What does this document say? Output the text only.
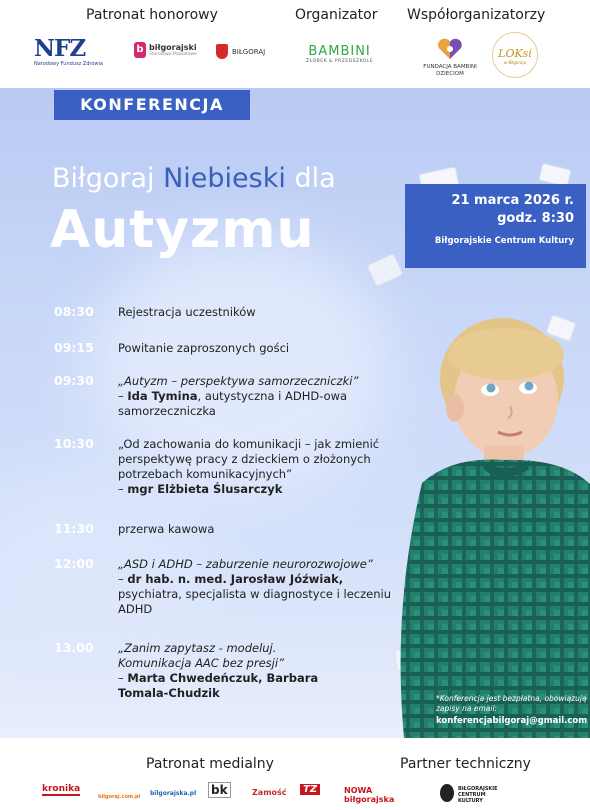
Patronat honorowy	Organizator Współorganizatorzy
NFZ
Narodowy Fundusz Zdrowia
b biłgorajski
Starostwo Powiatowe	BIŁGORAJ	BAMBINI
ŻŁOBEK & PRZEDSZKOLE
FUNDACJA BAMBINI
DZIECIOM
LOKsi
w Biłgoraju
KONFERENCJA
Biłgoraj Niebieski dla
Autyzmu	21 marca 2026 r.
godz. 8:30
Biłgorajskie Centrum Kultury
08:30 Rejestracja uczestników
09:15 Powitanie zaproszonych gości
09:30 „Autyzm – perspektywa samorzeczniczki”
– Ida Tymina, autystyczna i ADHD-owa samorzeczniczka
10:30 „Od zachowania do komunikacji – jak zmienić perspektywę pracy z dzieckiem o złożonych potrzebach komunikacyjnych”
– mgr Elżbieta Ślusarczyk
11:30 przerwa kawowa
12:00 „ASD i ADHD – zaburzenie neurorozwojowe”
– dr hab. n. med. Jarosław Jóźwiak, psychiatra, specjalista w diagnostyce i leczeniu ADHD
13.00 „Zanim zapytasz - modeluj. Komunikacja AAC bez presji”
– Marta Chwedeńczuk, Barbara Tomala-Chudzik	*Konferencja jest bezpłatna, obowiązują zapisy na email:
konferencjabilgoraj@gmail.com
Patronat medialny	Partner techniczny
kronika
bilgoraj.com.pl bilgorajska.pl bk	Zamość	TZ	NOWA biłgorajska
BIŁGORAJSKIE CENTRUM KULTURY
